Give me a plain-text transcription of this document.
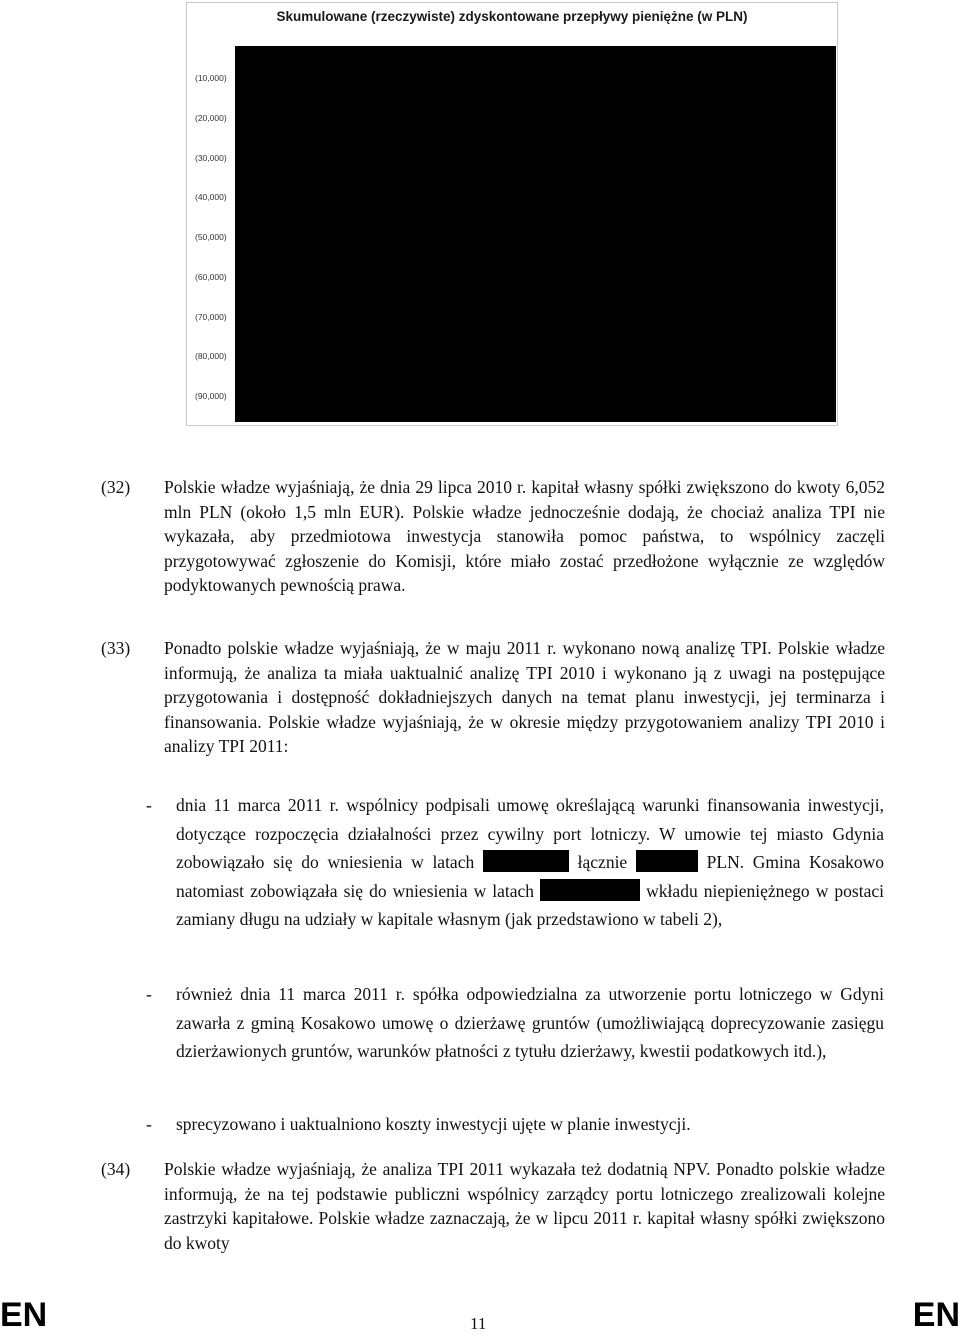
Skumulowane (rzeczywiste) zdyskontowane przepływy pieniężne (w PLN)
(10,000)
(20,000)
(30,000)
(40,000)
(50,000)
(60,000)
(70,000)
(80,000)
(90,000)
(32) Polskie władze wyjaśniają, że dnia 29 lipca 2010 r. kapitał własny spółki zwiększono do kwoty 6,052 mln PLN (około 1,5 mln EUR). Polskie władze jednocześnie dodają, że chociaż analiza TPI nie wykazała, aby przedmiotowa inwestycja stanowiła pomoc państwa, to wspólnicy zaczęli przygotowywać zgłoszenie do Komisji, które miało zostać przedłożone wyłącznie ze względów podyktowanych pewnością prawa.
(33) Ponadto polskie władze wyjaśniają, że w maju 2011 r. wykonano nową analizę TPI. Polskie władze informują, że analiza ta miała uaktualnić analizę TPI 2010 i wykonano ją z uwagi na postępujące przygotowania i dostępność dokładniejszych danych na temat planu inwestycji, jej terminarza i finansowania. Polskie władze wyjaśniają, że w okresie między przygotowaniem analizy TPI 2010 i analizy TPI 2011:
- dnia 11 marca 2011 r. wspólnicy podpisali umowę określającą warunki finansowania inwestycji, dotyczące rozpoczęcia działalności przez cywilny port lotniczy. W umowie tej miasto Gdynia zobowiązało się do wniesienia w latach	łącznie	PLN. Gmina Kosakowo natomiast zobowiązała się do wniesienia w latach	wkładu niepieniężnego w postaci zamiany długu na udziały w kapitale własnym (jak przedstawiono w tabeli 2),
- również dnia 11 marca 2011 r. spółka odpowiedzialna za utworzenie portu lotniczego w Gdyni zawarła z gminą Kosakowo umowę o dzierżawę gruntów (umożliwiającą doprecyzowanie zasięgu dzierżawionych gruntów, warunków płatności z tytułu dzierżawy, kwestii podatkowych itd.),
- sprecyzowano i uaktualniono koszty inwestycji ujęte w planie inwestycji.
(34) Polskie władze wyjaśniają, że analiza TPI 2011 wykazała też dodatnią NPV. Ponadto polskie władze informują, że na tej podstawie publiczni wspólnicy zarządcy portu lotniczego zrealizowali kolejne zastrzyki kapitałowe. Polskie władze zaznaczają, że w lipcu 2011 r. kapitał własny spółki zwiększono do kwoty
EN	11	EN
